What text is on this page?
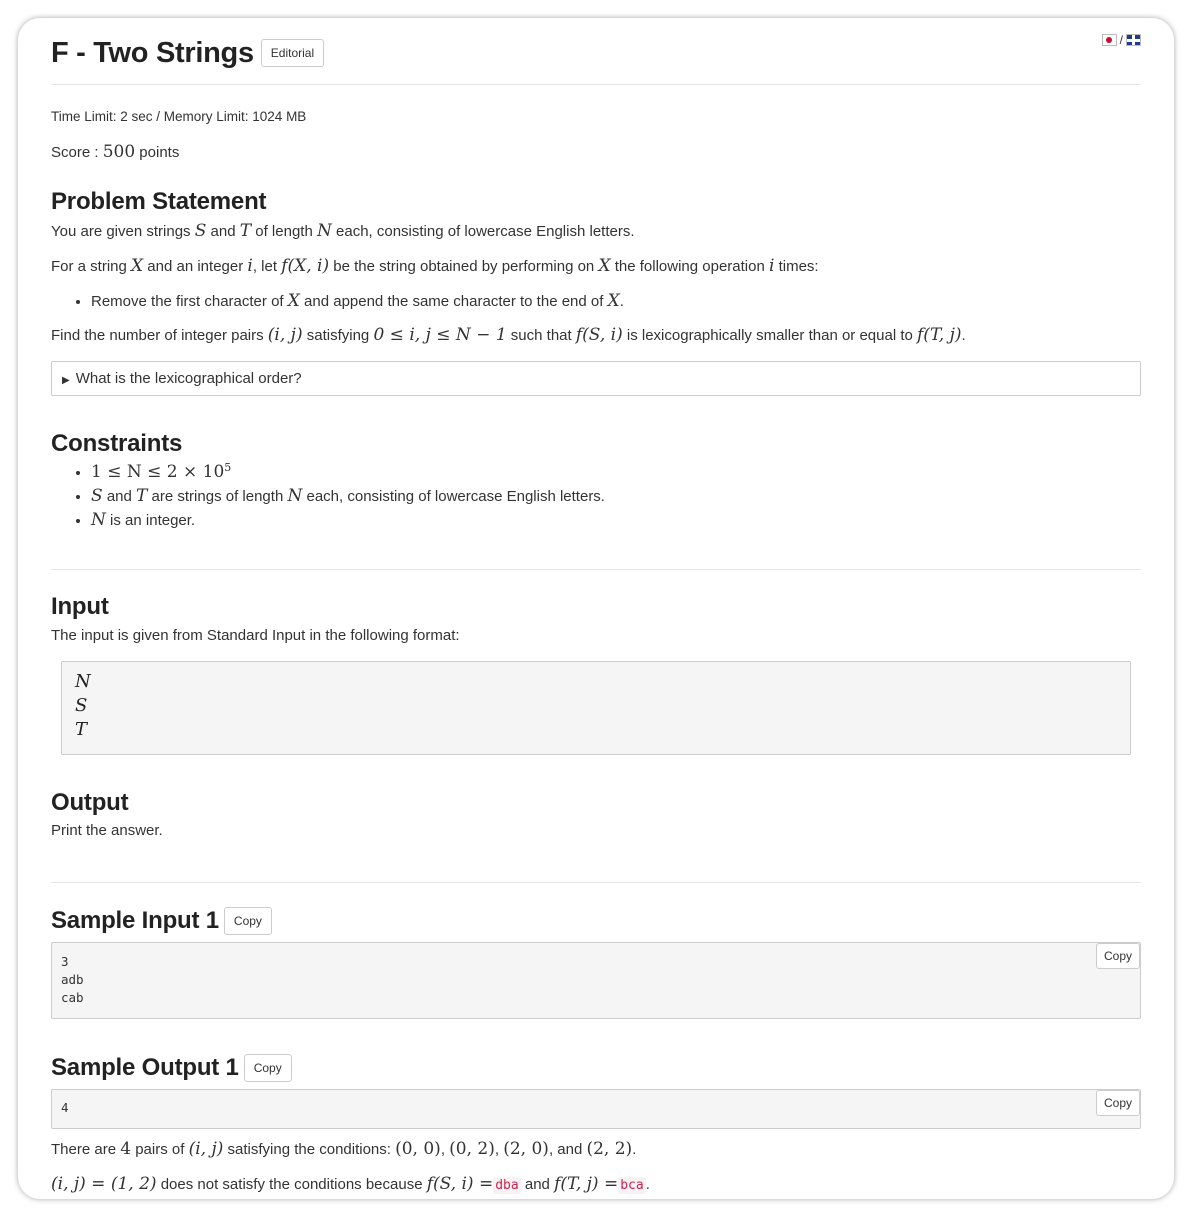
F - Two Strings	Editorial
/
Time Limit: 2 sec / Memory Limit: 1024 MB
Score : 500 points
Problem Statement

You are given strings S and T of length N each, consisting of lowercase English letters.

For a string X and an integer i, let f(X, i) be the string obtained by performing on X the following operation i times:

• Remove the first character of X and append the same character to the end of X.

Find the number of integer pairs (i, j) satisfying 0 ≤ i, j ≤ N − 1 such that f(S, i) is lexicographically smaller than or equal to f(T, j).

▶ What is the lexicographical order?
Constraints
• $1 \le N \le 2 \times 10^5$
• S and T are strings of length N each, consisting of lowercase English letters.
• N is an integer.
Input

The input is given from Standard Input in the following format:

N
S
T
Output

Print the answer.

Sample Input 1	Copy
Copy
3
adb
cab
Sample Output 1	Copy
Copy
4

There are 4 pairs of (i, j) satisfying the conditions: (0, 0), (0, 2), (2, 0), and (2, 2).

(i, j) = (1, 2) does not satisfy the conditions because f(S, i) = dba and f(T, j) = bca .
